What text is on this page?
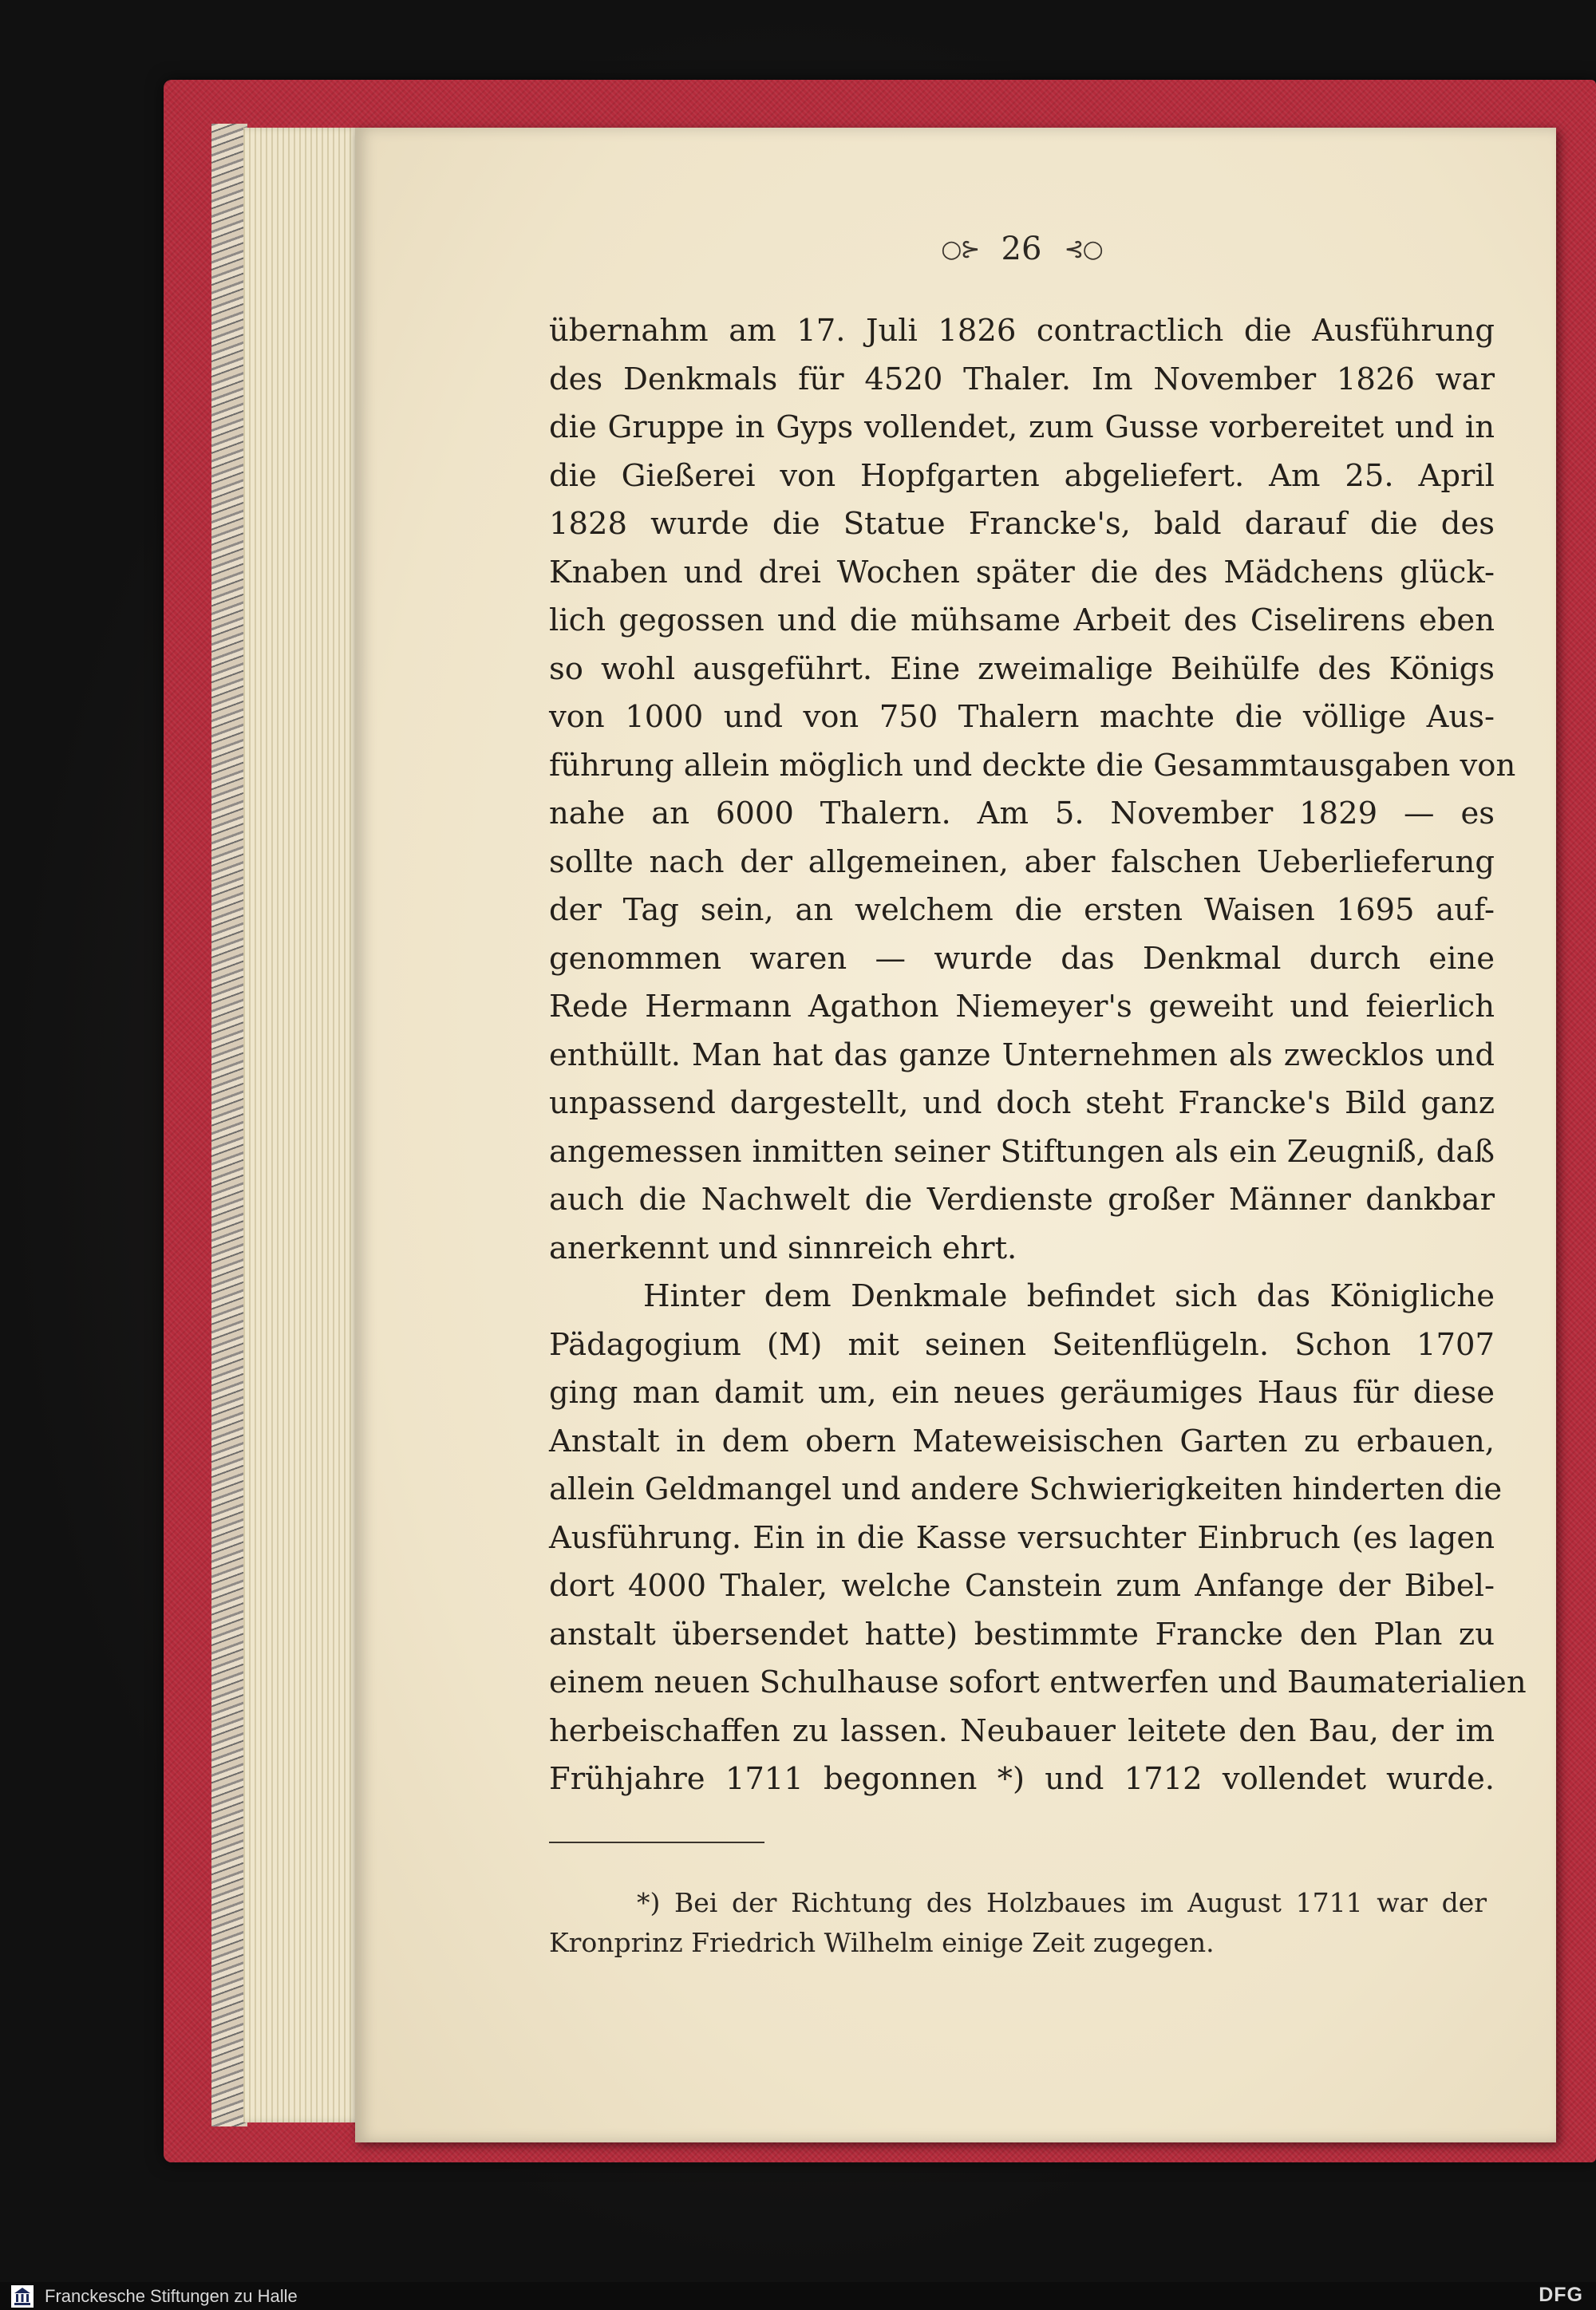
○⊱ 26 ⊰○
übernahm am 17. Juli 1826 contractlich die Ausführung
des Denkmals für 4520 Thaler. Im November 1826 war
die Gruppe in Gyps vollendet, zum Gusse vorbereitet und in
die Gießerei von Hopfgarten abgeliefert. Am 25. April
1828 wurde die Statue Francke's, bald darauf die des
Knaben und drei Wochen später die des Mädchens glück-
lich gegossen und die mühsame Arbeit des Ciselirens eben
so wohl ausgeführt. Eine zweimalige Beihülfe des Königs
von 1000 und von 750 Thalern machte die völlige Aus-
führung allein möglich und deckte die Gesammtausgaben von
nahe an 6000 Thalern. Am 5. November 1829 — es
sollte nach der allgemeinen, aber falschen Ueberlieferung
der Tag sein, an welchem die ersten Waisen 1695 auf-
genommen waren — wurde das Denkmal durch eine
Rede Hermann Agathon Niemeyer's geweiht und feierlich
enthüllt. Man hat das ganze Unternehmen als zwecklos und
unpassend dargestellt, und doch steht Francke's Bild ganz
angemessen inmitten seiner Stiftungen als ein Zeugniß, daß
auch die Nachwelt die Verdienste großer Männer dankbar
anerkennt und sinnreich ehrt.
Hinter dem Denkmale befindet sich das Königliche
Pädagogium (M) mit seinen Seitenflügeln. Schon 1707
ging man damit um, ein neues geräumiges Haus für diese
Anstalt in dem obern Mateweisischen Garten zu erbauen,
allein Geldmangel und andere Schwierigkeiten hinderten die
Ausführung. Ein in die Kasse versuchter Einbruch (es lagen
dort 4000 Thaler, welche Canstein zum Anfange der Bibel-
anstalt übersendet hatte) bestimmte Francke den Plan zu
einem neuen Schulhause sofort entwerfen und Baumaterialien
herbeischaffen zu lassen. Neubauer leitete den Bau, der im
Frühjahre 1711 begonnen *) und 1712 vollendet wurde.
*) Bei der Richtung des Holzbaues im August 1711 war der
Kronprinz Friedrich Wilhelm einige Zeit zugegen.
Franckesche Stiftungen zu Halle	DFG
